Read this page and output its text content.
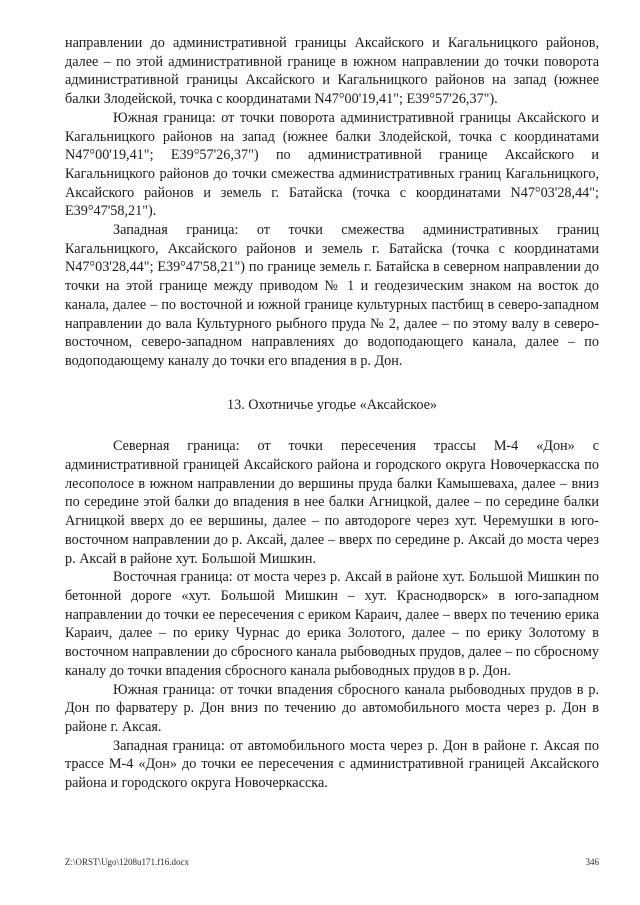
направлении до административной границы Аксайского и Кагальницкого районов, далее – по этой административной границе в южном направлении до точки поворота административной границы Аксайского и Кагальницкого районов на запад (южнее балки Злодейской, точка с координатами N47°00'19,41"; E39°57'26,37").

Южная граница: от точки поворота административной границы Аксайского и Кагальницкого районов на запад (южнее балки Злодейской, точка с координатами N47°00'19,41"; E39°57'26,37") по административной границе Аксайского и Кагальницкого районов до точки смежества административных границ Кагальницкого, Аксайского районов и земель г. Батайска (точка с координатами N47°03'28,44"; E39°47'58,21").

Западная граница: от точки смежества административных границ Кагальницкого, Аксайского районов и земель г. Батайска (точка с координатами N47°03'28,44"; E39°47'58,21") по границе земель г. Батайска в северном направлении до точки на этой границе между приводом № 1 и геодезическим знаком на восток до канала, далее – по восточной и южной границе культурных пастбищ в северо-западном направлении до вала Культурного рыбного пруда № 2, далее – по этому валу в северо-восточном, северо-западном направлениях до водоподающего канала, далее – по водоподающему каналу до точки его впадения в р. Дон.

13. Охотничье угодье «Аксайское»

Северная граница: от точки пересечения трассы М-4 «Дон» с административной границей Аксайского района и городского округа Новочеркасска по лесополосе в южном направлении до вершины пруда балки Камышеваха, далее – вниз по середине этой балки до впадения в нее балки Агницкой, далее – по середине балки Агницкой вверх до ее вершины, далее – по автодороге через хут. Черемушки в юго-восточном направлении до р. Аксай, далее – вверх по середине р. Аксай до моста через р. Аксай в районе хут. Большой Мишкин.

Восточная граница: от моста через р. Аксай в районе хут. Большой Мишкин по бетонной дороге «хут. Большой Мишкин – хут. Краснодворск» в юго-западном направлении до точки ее пересечения с ериком Караич, далее – вверх по течению ерика Караич, далее – по ерику Чурнас до ерика Золотого, далее – по ерику Золотому в восточном направлении до сбросного канала рыбоводных прудов, далее – по сбросному каналу до точки впадения сбросного канала рыбоводных прудов в р. Дон.

Южная граница: от точки впадения сбросного канала рыбоводных прудов в р. Дон по фарватеру р. Дон вниз по течению до автомобильного моста через р. Дон в районе г. Аксая.

Западная граница: от автомобильного моста через р. Дон в районе г. Аксая по трассе М-4 «Дон» до точки ее пересечения с административной границей Аксайского района и городского округа Новочеркасска.

Z:\ORST\Ugo\1208u171.f16.docx	346
